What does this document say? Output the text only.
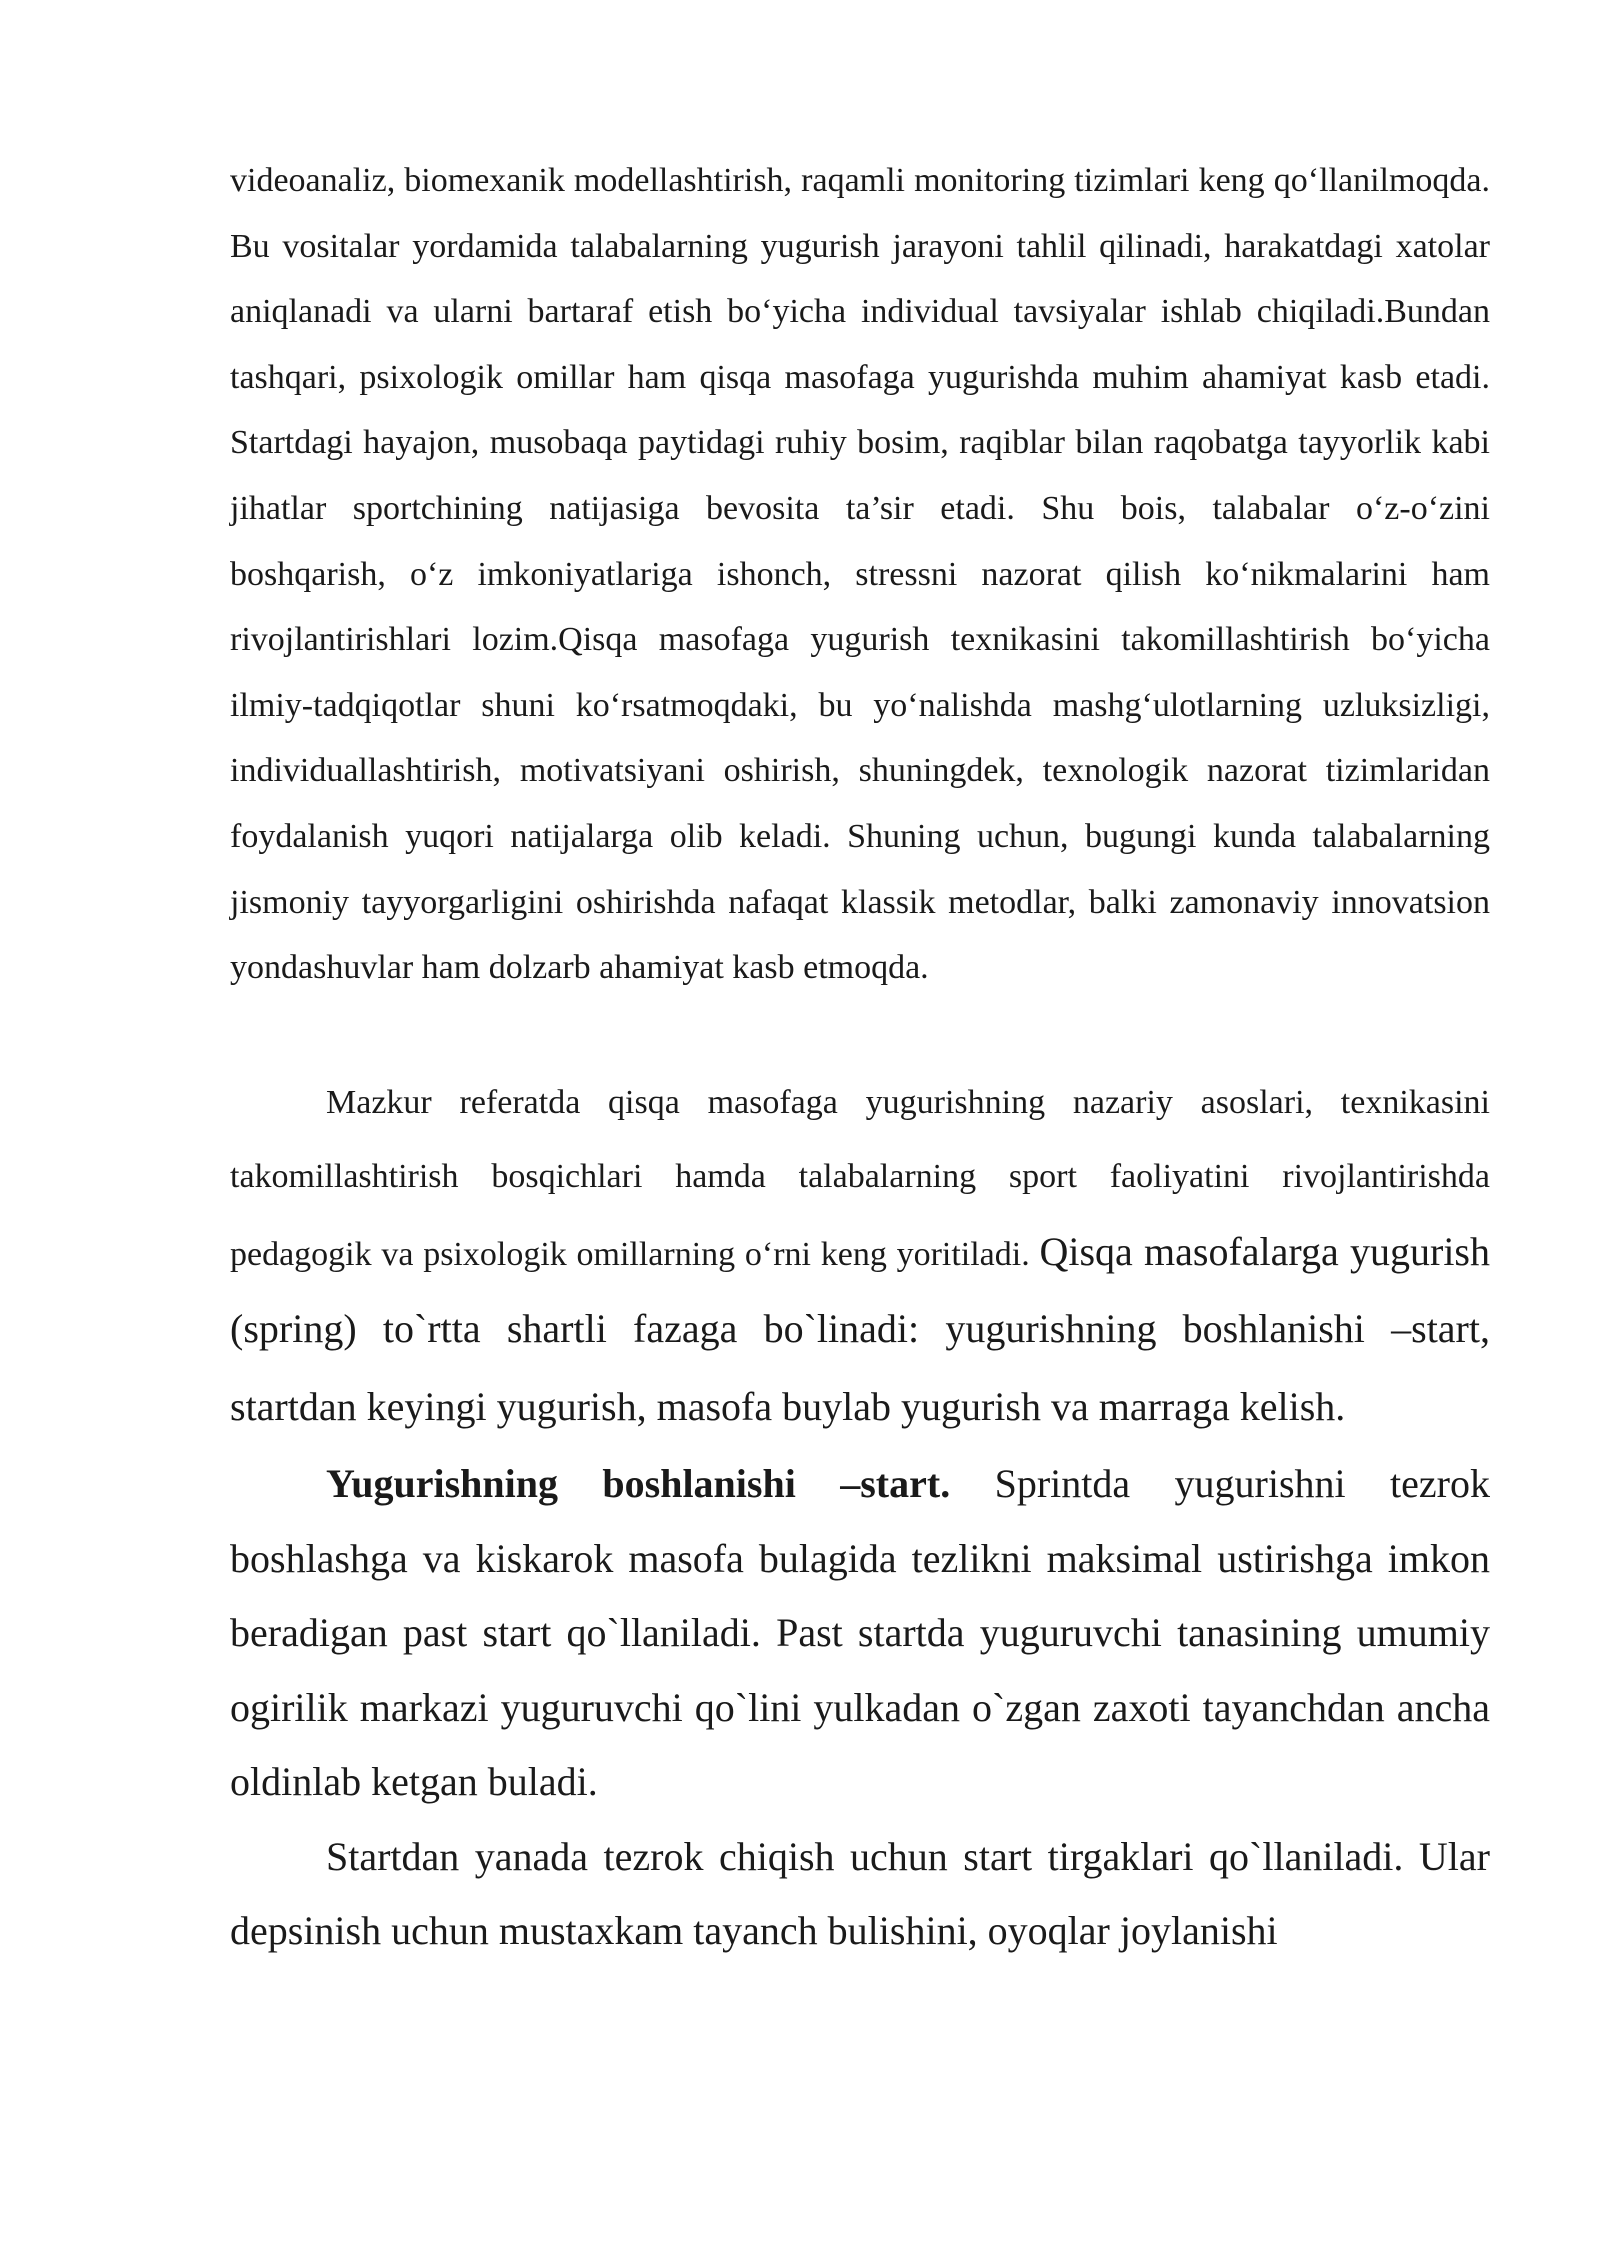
videoanaliz, biomexanik modellashtirish, raqamli monitoring tizimlari keng qo‘llanilmoqda. Bu vositalar yordamida talabalarning yugurish jarayoni tahlil qilinadi, harakatdagi xatolar aniqlanadi va ularni bartaraf etish bo‘yicha individual tavsiyalar ishlab chiqiladi.Bundan tashqari, psixologik omillar ham qisqa masofaga yugurishda muhim ahamiyat kasb etadi. Startdagi hayajon, musobaqa paytidagi ruhiy bosim, raqiblar bilan raqobatga tayyorlik kabi jihatlar sportchining natijasiga bevosita ta’sir etadi. Shu bois, talabalar o‘z-o‘zini boshqarish, o‘z imkoniyatlariga ishonch, stressni nazorat qilish ko‘nikmalarini ham rivojlantirishlari lozim.Qisqa masofaga yugurish texnikasini takomillashtirish bo‘yicha ilmiy-tadqiqotlar shuni ko‘rsatmoqdaki, bu yo‘nalishda mashg‘ulotlarning uzluksizligi, individuallashtirish, motivatsiyani oshirish, shuningdek, texnologik nazorat tizimlaridan foydalanish yuqori natijalarga olib keladi. Shuning uchun, bugungi kunda talabalarning jismoniy tayyorgarligini oshirishda nafaqat klassik metodlar, balki zamonaviy innovatsion yondashuvlar ham dolzarb ahamiyat kasb etmoqda.

Mazkur referatda qisqa masofaga yugurishning nazariy asoslari, texnikasini takomillashtirish bosqichlari hamda talabalarning sport faoliyatini rivojlantirishda pedagogik va psixologik omillarning o‘rni keng yoritiladi. Qisqa masofalarga yugurish (spring) to`rtta shartli fazaga bo`linadi: yugurishning boshlanishi –start, startdan keyingi yugurish, masofa buylab yugurish va marraga kelish.

Yugurishning boshlanishi –start. Sprintda yugurishni tezrok boshlashga va kiskarok masofa bulagida tezlikni maksimal ustirishga imkon beradigan past start qo`llaniladi. Past startda yuguruvchi tanasining umumiy ogirilik markazi yuguruvchi qo`lini yulkadan o`zgan zaxoti tayanchdan ancha oldinlab ketgan buladi.

Startdan yanada tezrok chiqish uchun start tirgaklari qo`llaniladi. Ular depsinish uchun mustaxkam tayanch bulishini, oyoqlar joylanishi
